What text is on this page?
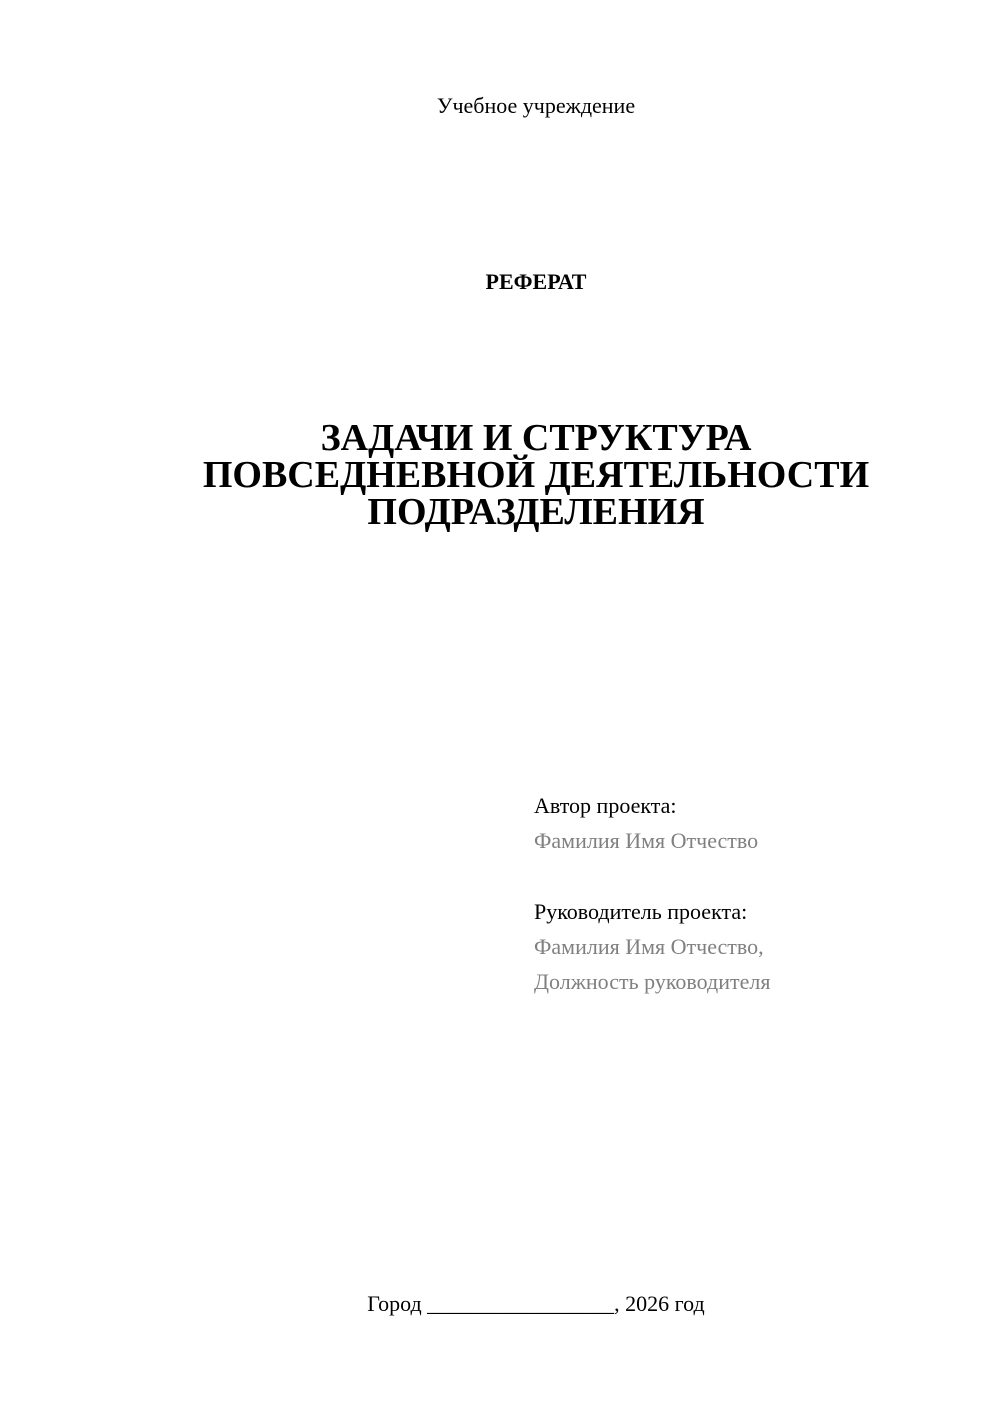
Учебное учреждение
РЕФЕРАТ
ЗАДАЧИ И СТРУКТУРА
ПОВСЕДНЕВНОЙ ДЕЯТЕЛЬНОСТИ
ПОДРАЗДЕЛЕНИЯ
Автор проекта:
Фамилия Имя Отчество
Руководитель проекта:
Фамилия Имя Отчество,
Должность руководителя
Город _________________, 2026 год
